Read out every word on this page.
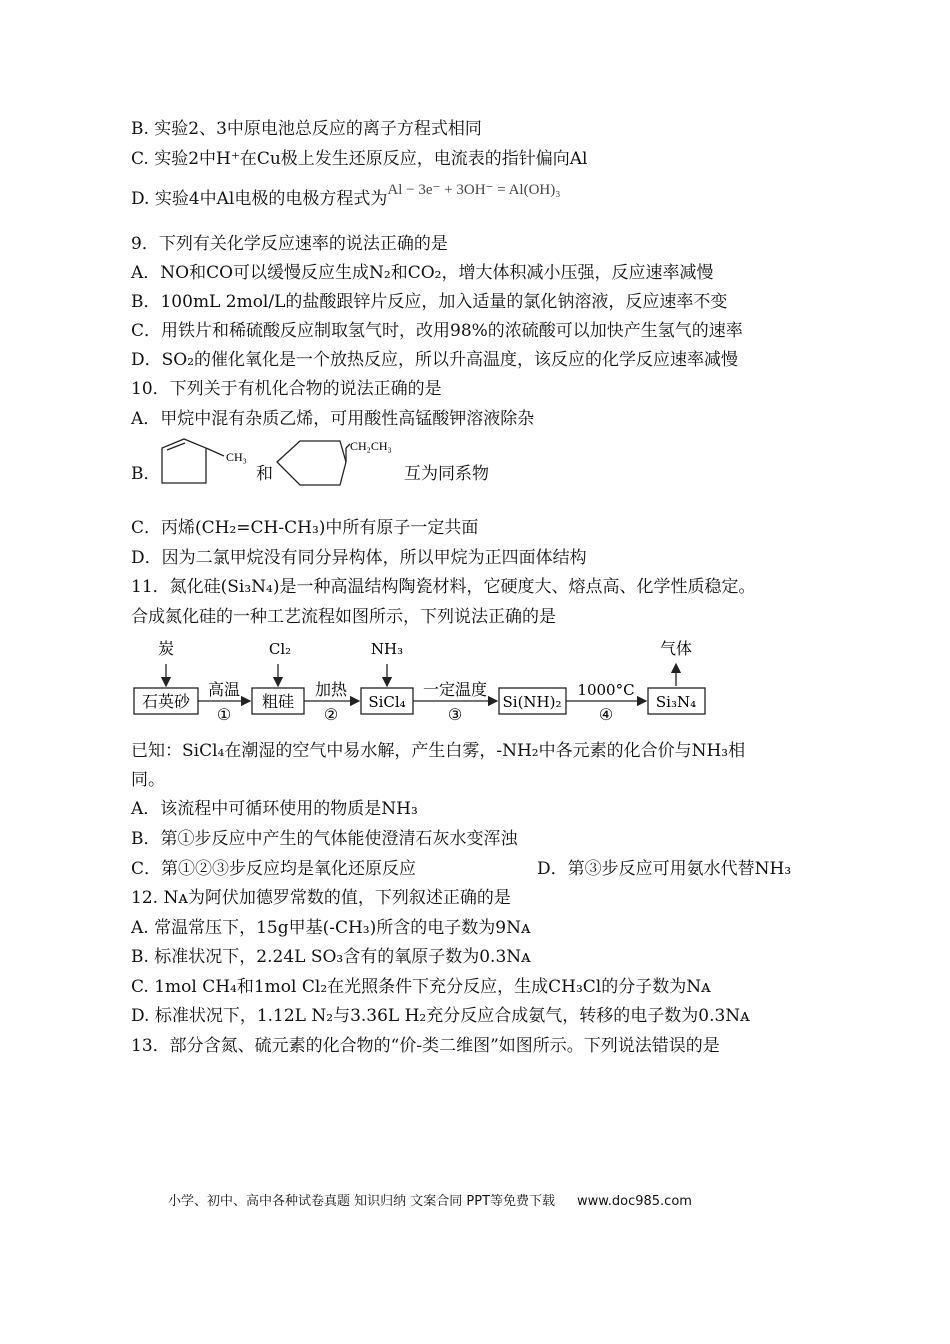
B. 实验2、3中原电池总反应的离子方程式相同
C. 实验2中H⁺在Cu极上发生还原反应，电流表的指针偏向Al
D. 实验4中Al电极的电极方程式为Al − 3e⁻ + 3OH⁻ = Al(OH)₃
9．下列有关化学反应速率的说法正确的是
A．NO和CO可以缓慢反应生成N₂和CO₂，增大体积减小压强，反应速率减慢
B．100mL 2mol/L的盐酸跟锌片反应，加入适量的氯化钠溶液，反应速率不变
C．用铁片和稀硫酸反应制取氢气时，改用98%的浓硫酸可以加快产生氢气的速率
D．SO₂的催化氧化是一个放热反应，所以升高温度，该反应的化学反应速率减慢
10．下列关于有机化合物的说法正确的是
A．甲烷中混有杂质乙烯，可用酸性高锰酸钾溶液除杂
B．
CH₃
和
CH₂CH₃
互为同系物
C．丙烯(CH₂=CH-CH₃)中所有原子一定共面
D．因为二氯甲烷没有同分异构体，所以甲烷为正四面体结构
11．氮化硅(Si₃N₄)是一种高温结构陶瓷材料，它硬度大、熔点高、化学性质稳定。
合成氮化硅的一种工艺流程如图所示，下列说法正确的是
石英砂	粗硅	SiCl₄	Si(NH)₂	Si₃N₄
炭	Cl₂	NH₃	气体
高温	加热	一定温度	1000°C
①	②	③	④
已知：SiCl₄在潮湿的空气中易水解，产生白雾，-NH₂中各元素的化合价与NH₃相
同。
A．该流程中可循环使用的物质是NH₃
B．第①步反应中产生的气体能使澄清石灰水变浑浊
C．第①②③步反应均是氧化还原反应	D．第③步反应可用氨水代替NH₃
12. Nᴀ为阿伏加德罗常数的值，下列叙述正确的是
A. 常温常压下，15g甲基(-CH₃)所含的电子数为9Nᴀ
B. 标准状况下，2.24L SO₃含有的氧原子数为0.3Nᴀ
C. 1mol CH₄和1mol Cl₂在光照条件下充分反应，生成CH₃Cl的分子数为Nᴀ
D. 标准状况下，1.12L N₂与3.36L H₂充分反应合成氨气，转移的电子数为0.3Nᴀ
13．部分含氮、硫元素的化合物的“价-类二维图”如图所示。下列说法错误的是
小学、初中、高中各种试卷真题 知识归纳 文案合同 PPT等免费下载 www.doc985.com
